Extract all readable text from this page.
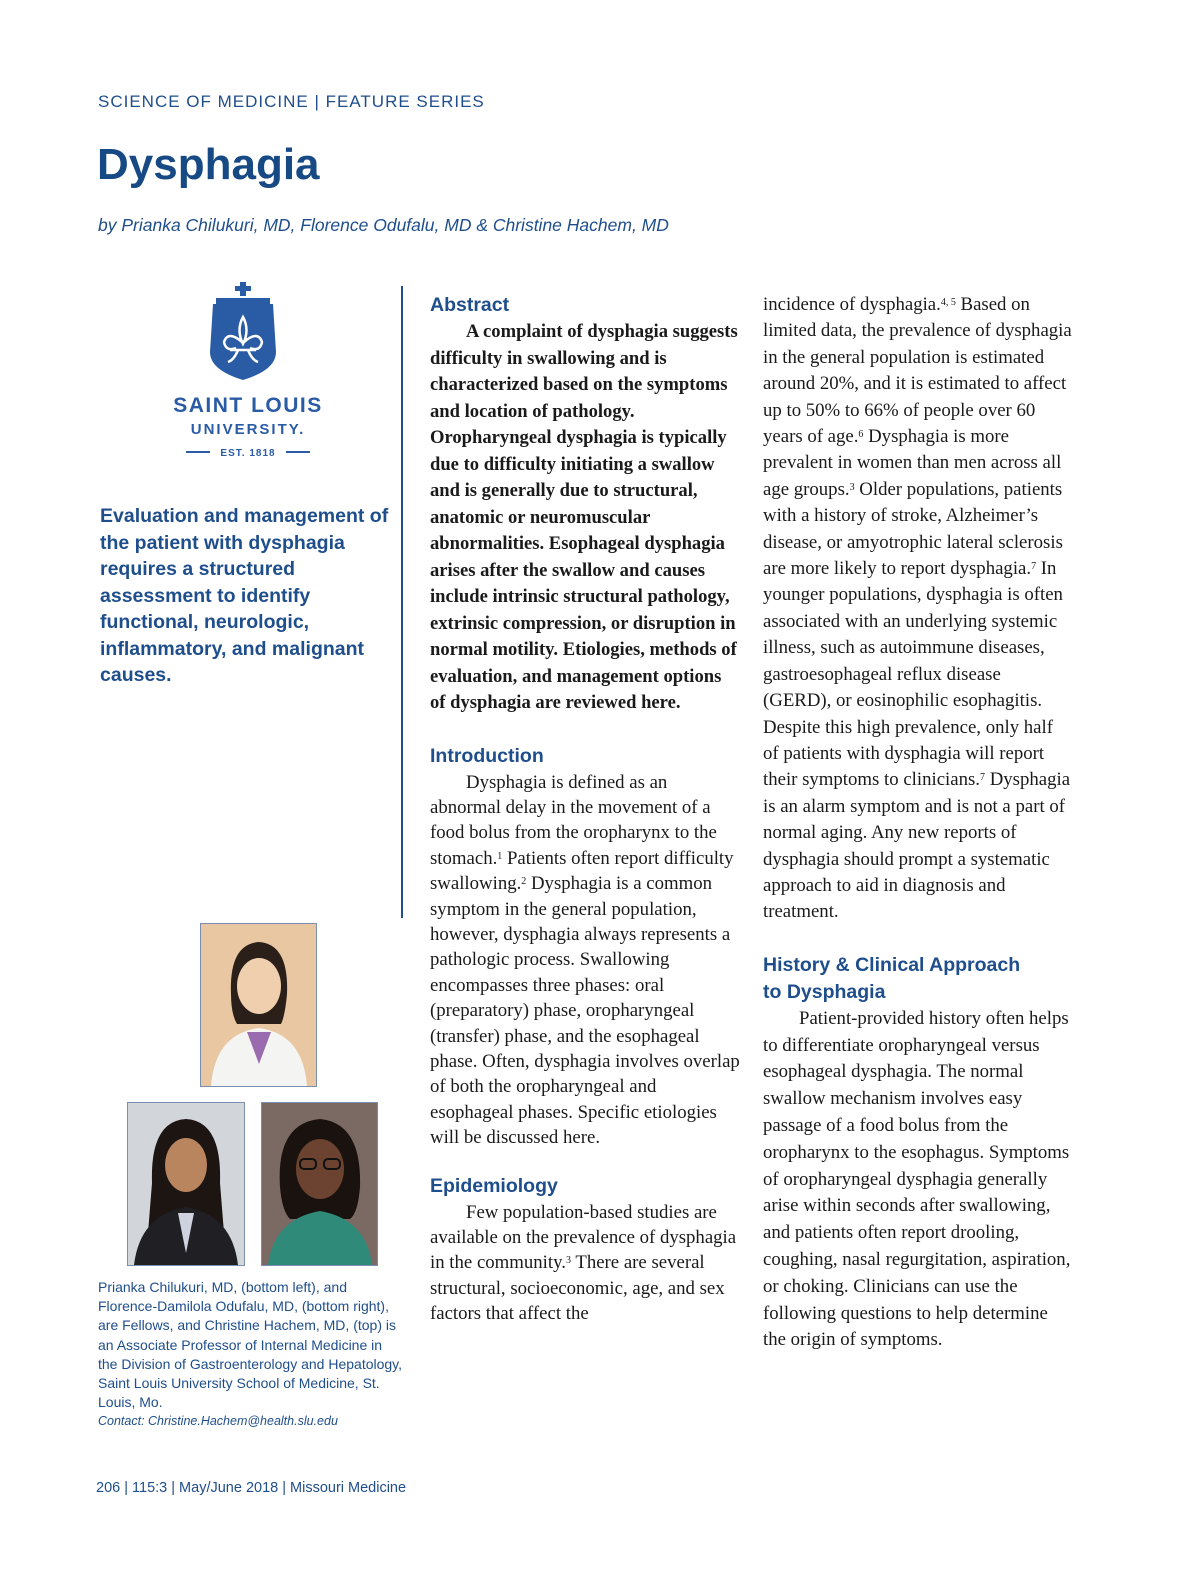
SCIENCE OF MEDICINE | FEATURE SERIES
Dysphagia
by Prianka Chilukuri, MD, Florence Odufalu, MD & Christine Hachem, MD
SAINT LOUIS
UNIVERSITY.
EST. 1818
Evaluation and management of the patient with dysphagia requires a structured assessment to identify functional, neurologic, inflammatory, and malignant causes.
Prianka Chilukuri, MD, (bottom left), and Florence-Damilola Odufalu, MD, (bottom right), are Fellows, and Christine Hachem, MD, (top) is an Associate Professor of Internal Medicine in the Division of Gastroenterology and Hepatology, Saint Louis University School of Medicine, St. Louis, Mo.
Contact: Christine.Hachem@health.slu.edu
Abstract

A complaint of dysphagia suggests difficulty in swallowing and is characterized based on the symptoms and location of pathology. Oropharyngeal dysphagia is typically due to difficulty initiating a swallow and is generally due to structural, anatomic or neuromuscular abnormalities. Esophageal dysphagia arises after the swallow and causes include intrinsic structural pathology, extrinsic compression, or disruption in normal motility. Etiologies, methods of evaluation, and management options of dysphagia are reviewed here.

Introduction

Dysphagia is defined as an abnormal delay in the movement of a food bolus from the oropharynx to the stomach.$^1$ Patients often report difficulty swallowing.$^2$ Dysphagia is a common symptom in the general population, however, dysphagia always represents a pathologic process. Swallowing encompasses three phases: oral (preparatory) phase, oropharyngeal (transfer) phase, and the esophageal phase. Often, dysphagia involves overlap of both the oropharyngeal and esophageal phases. Specific etiologies will be discussed here.

Epidemiology

Few population-based studies are available on the prevalence of dysphagia in the community.$^3$ There are several structural, socioeconomic, age, and sex factors that affect the

incidence of dysphagia.$^{4, 5}$ Based on limited data, the prevalence of dysphagia in the general population is estimated around 20%, and it is estimated to affect up to 50% to 66% of people over 60 years of age.$^6$ Dysphagia is more prevalent in women than men across all age groups.$^3$ Older populations, patients with a history of stroke, Alzheimer’s disease, or amyotrophic lateral sclerosis are more likely to report dysphagia.$^7$ In younger populations, dysphagia is often associated with an underlying systemic illness, such as autoimmune diseases, gastroesophageal reflux disease (GERD), or eosinophilic esophagitis. Despite this high prevalence, only half of patients with dysphagia will report their symptoms to clinicians.$^7$ Dysphagia is an alarm symptom and is not a part of normal aging. Any new reports of dysphagia should prompt a systematic approach to aid in diagnosis and treatment.

History & Clinical Approach
to Dysphagia

Patient-provided history often helps to differentiate oropharyngeal versus esophageal dysphagia. The normal swallow mechanism involves easy passage of a food bolus from the oropharynx to the esophagus. Symptoms of oropharyngeal dysphagia generally arise within seconds after swallowing, and patients often report drooling, coughing, nasal regurgitation, aspiration, or choking. Clinicians can use the following questions to help determine the origin of symptoms.

206 | 115:3 | May/June 2018 | Missouri Medicine
